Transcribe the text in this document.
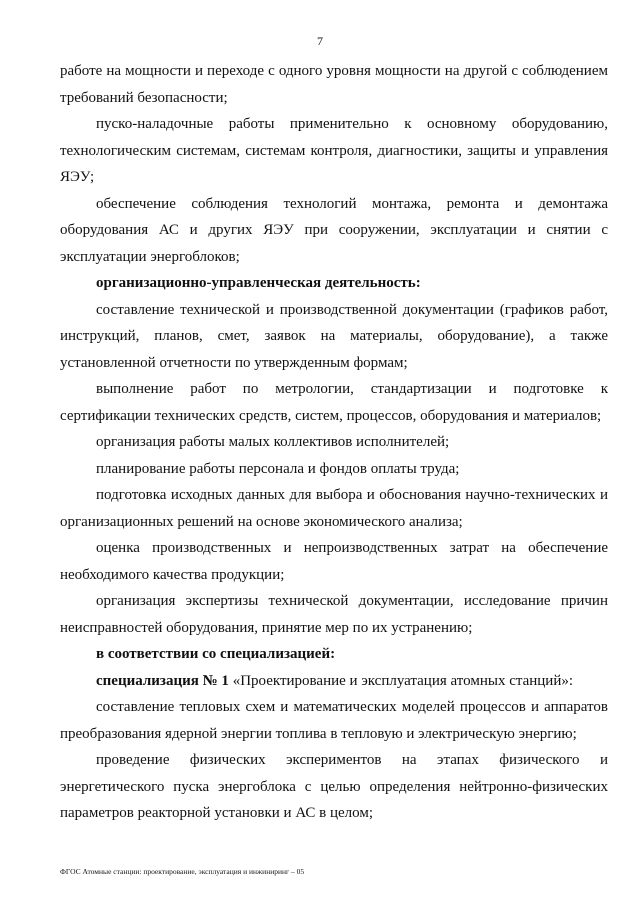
7

работе на мощности и переходе с одного уровня мощности на другой с соблюдением требований безопасности;

пуско-наладочные работы применительно к основному оборудованию, технологическим системам, системам контроля, диагностики, защиты и управления ЯЭУ;

обеспечение соблюдения технологий монтажа, ремонта и демонтажа оборудования АС и других ЯЭУ при сооружении, эксплуатации и снятии с эксплуатации энергоблоков;

организационно-управленческая деятельность:

составление технической и производственной документации (графиков работ, инструкций, планов, смет, заявок на материалы, оборудование), а также установленной отчетности по утвержденным формам;

выполнение работ по метрологии, стандартизации и подготовке к сертификации технических средств, систем, процессов, оборудования и материалов;

организация работы малых коллективов исполнителей;

планирование работы персонала и фондов оплаты труда;

подготовка исходных данных для выбора и обоснования научно-технических и организационных решений на основе экономического анализа;

оценка производственных и непроизводственных затрат на обеспечение необходимого качества продукции;

организация экспертизы технической документации, исследование причин неисправностей оборудования, принятие мер по их устранению;

в соответствии со специализацией:

специализация № 1 «Проектирование и эксплуатация атомных станций»:

составление тепловых схем и математических моделей процессов и аппаратов преобразования ядерной энергии топлива в тепловую и электрическую энергию;

проведение физических экспериментов на этапах физического и энергетического пуска энергоблока с целью определения нейтронно-физических параметров реакторной установки и АС в целом;

ФГОС Атомные станции: проектирование, эксплуатация и инжиниринг – 05
